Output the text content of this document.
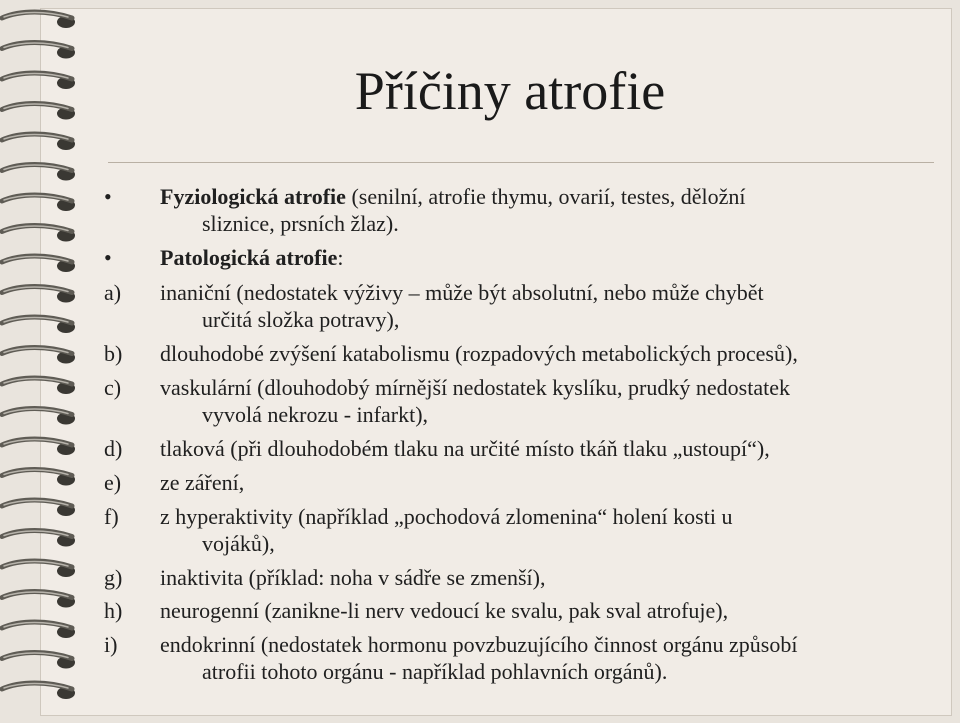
Příčiny atrofie
• Fyziologická atrofie (senilní, atrofie thymu, ovarií, testes, děložní
sliznice, prsních žlaz).
• Patologická atrofie:
a) inaniční (nedostatek výživy – může být absolutní, nebo může chybět
určitá složka potravy),
b) dlouhodobé zvýšení katabolismu (rozpadových metabolických procesů),
c) vaskulární (dlouhodobý mírnější nedostatek kyslíku, prudký nedostatek
vyvolá nekrozu - infarkt),
d) tlaková (při dlouhodobém tlaku na určité místo tkáň tlaku „ustoupí“),
e) ze záření,
f) z hyperaktivity (například „pochodová zlomenina“ holení kosti u
vojáků),
g) inaktivita (příklad: noha v sádře se zmenší),
h) neurogenní (zanikne-li nerv vedoucí ke svalu, pak sval atrofuje),
i) endokrinní (nedostatek hormonu povzbuzujícího činnost orgánu způsobí
atrofii tohoto orgánu - například pohlavních orgánů).
